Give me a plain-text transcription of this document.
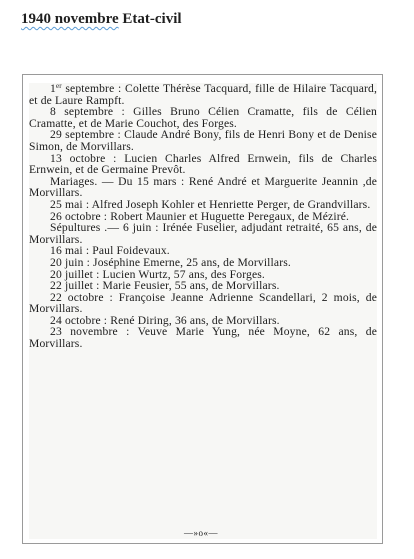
1940 novembre Etat-civil

1er septembre : Colette Thérèse Tacquard, fille de Hilaire Tacquard, et de Laure Rampft.

8 septembre : Gilles Bruno Célien Cramatte, fils de Célien Cramatte, et de Marie Couchot, des Forges.

29 septembre : Claude André Bony, fils de Henri Bony et de Denise Simon, de Morvillars.

13 octobre : Lucien Charles Alfred Ernwein, fils de Charles Ernwein, et de Germaine Prevôt.

Mariages. — Du 15 mars : René André et Marguerite Jeannin ,de Morvillars.

25 mai : Alfred Joseph Kohler et Henriette Perger, de Grandvillars.

26 octobre : Robert Maunier et Huguette Peregaux, de Méziré.

Sépultures .— 6 juin : Irénée Fuselier, adjudant retraité, 65 ans, de Morvillars.

16 mai : Paul Foidevaux.

20 juin : Joséphine Emerne, 25 ans, de Morvillars.

20 juillet : Lucien Wurtz, 57 ans, des Forges.

22 juillet : Marie Feusier, 55 ans, de Morvillars.

22 octobre : Françoise Jeanne Adrienne Scandellari, 2 mois, de Morvillars.

24 octobre : René Diring, 36 ans, de Morvillars.

23 novembre : Veuve Marie Yung, née Moyne, 62 ans, de Morvillars.

—»o«—
